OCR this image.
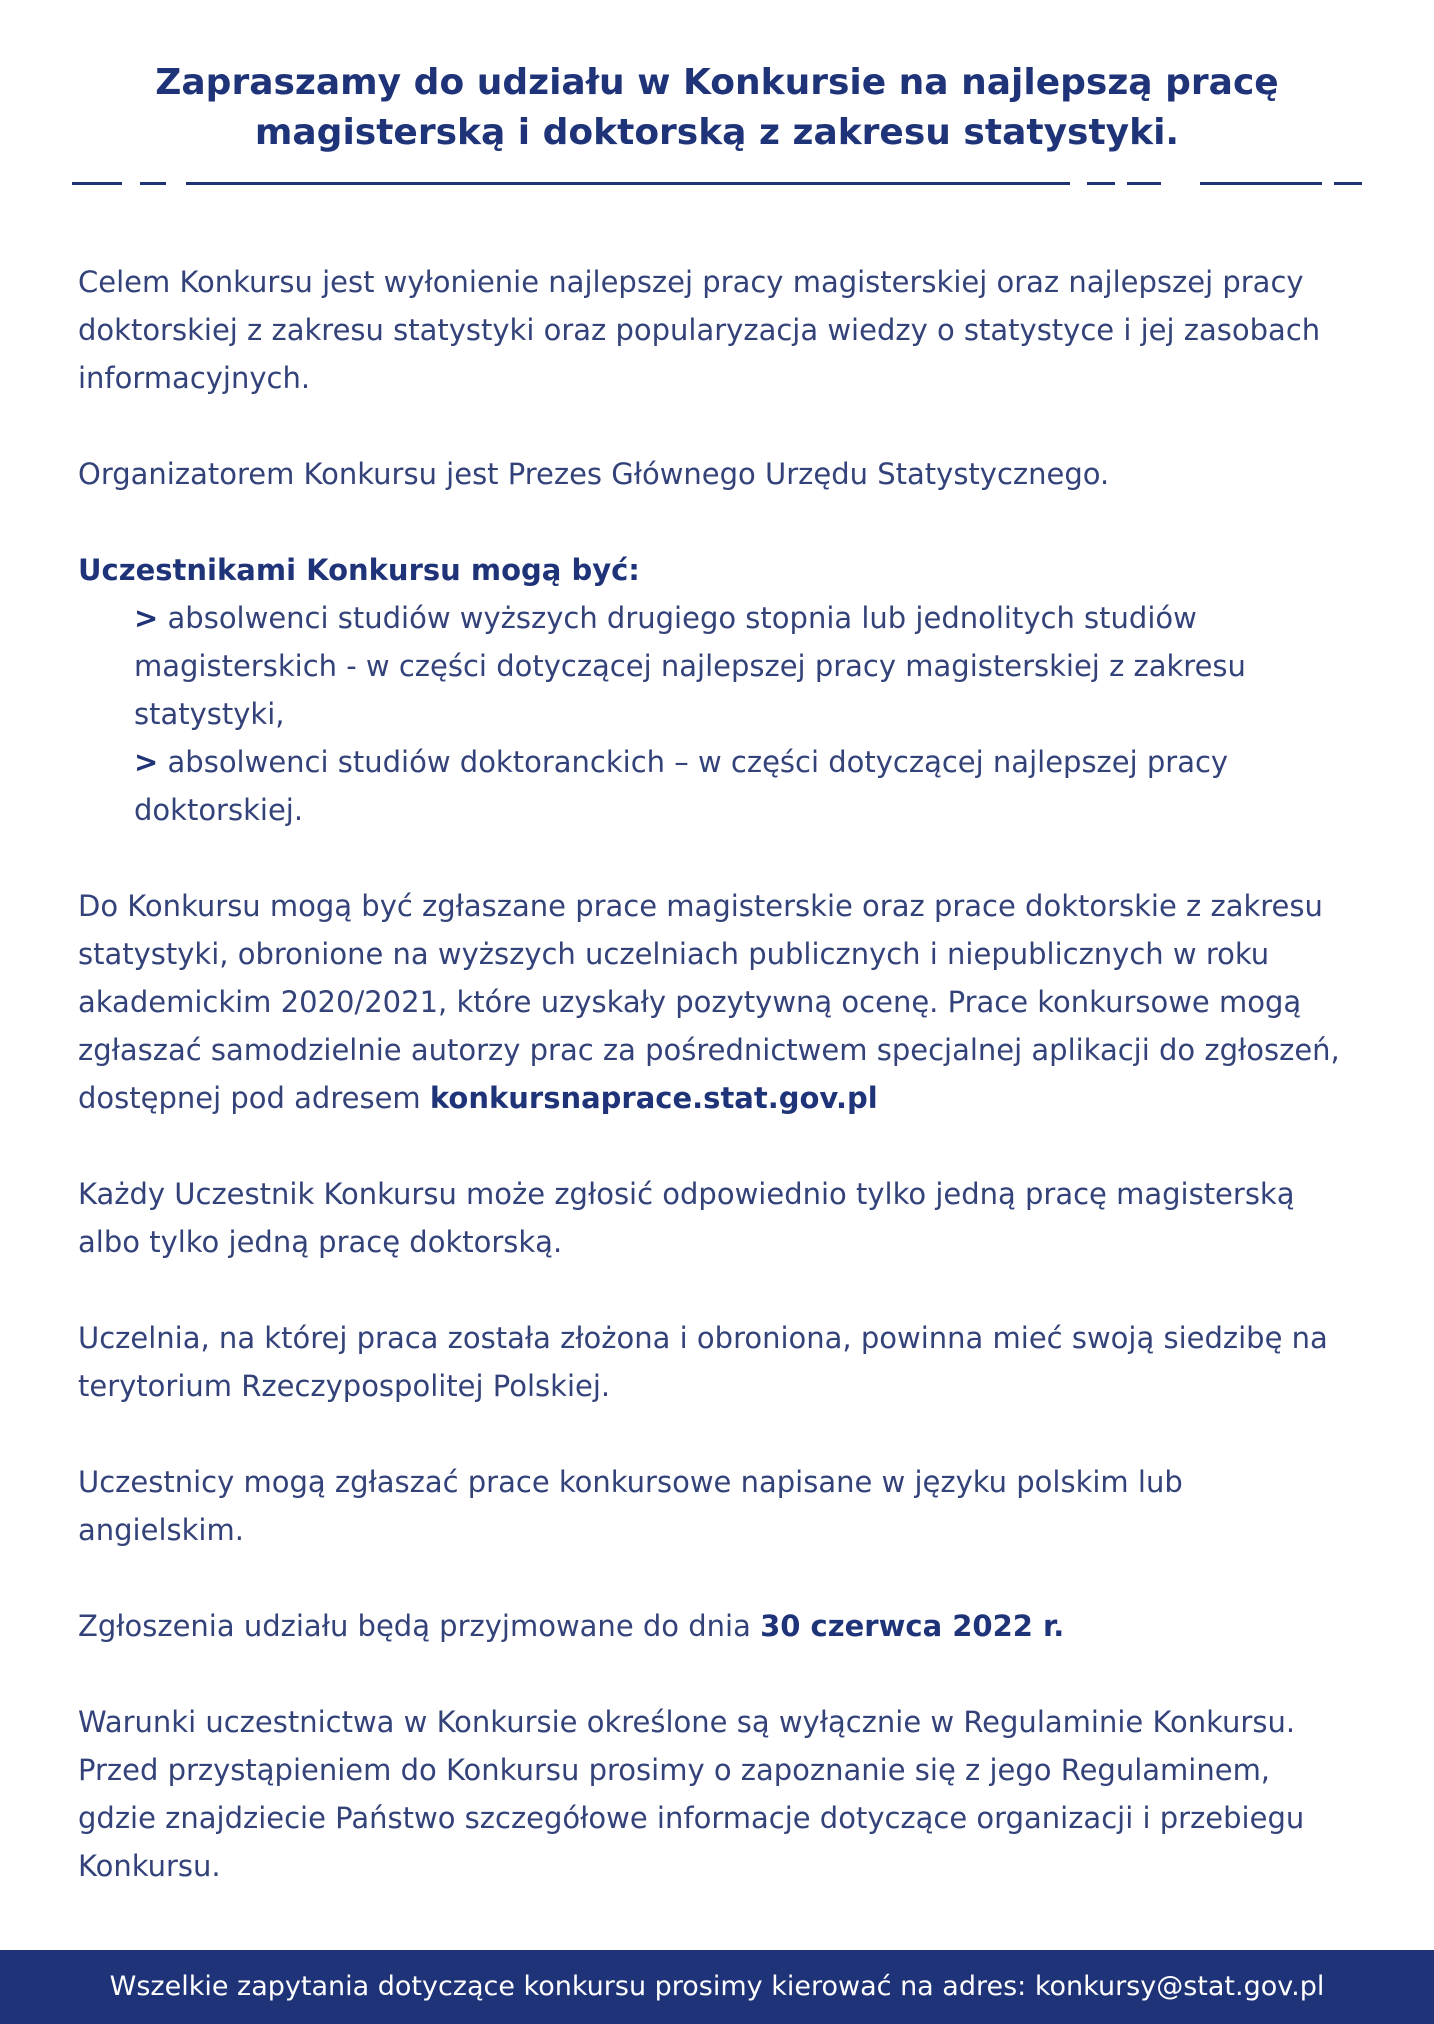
Zapraszamy do udziału w Konkursie na najlepszą pracę
magisterską i doktorską z zakresu statystyki.

Celem Konkursu jest wyłonienie najlepszej pracy magisterskiej oraz najlepszej pracy doktorskiej z zakresu statystyki oraz popularyzacja wiedzy o statystyce i jej zasobach informacyjnych.

Organizatorem Konkursu jest Prezes Głównego Urzędu Statystycznego.

Uczestnikami Konkursu mogą być:

> absolwenci studiów wyższych drugiego stopnia lub jednolitych studiów magisterskich - w części dotyczącej najlepszej pracy magisterskiej z zakresu statystyki,
> absolwenci studiów doktoranckich – w części dotyczącej najlepszej pracy doktorskiej.

Do Konkursu mogą być zgłaszane prace magisterskie oraz prace doktorskie z zakresu statystyki, obronione na wyższych uczelniach publicznych i niepublicznych w roku akademickim 2020/2021, które uzyskały pozytywną ocenę. Prace konkursowe mogą zgłaszać samodzielnie autorzy prac za pośrednictwem specjalnej aplikacji do zgłoszeń, dostępnej pod adresem konkursnaprace.stat.gov.pl

Każdy Uczestnik Konkursu może zgłosić odpowiednio tylko jedną pracę magisterską albo tylko jedną pracę doktorską.

Uczelnia, na której praca została złożona i obroniona, powinna mieć swoją siedzibę na terytorium Rzeczypospolitej Polskiej.

Uczestnicy mogą zgłaszać prace konkursowe napisane w języku polskim lub angielskim.

Zgłoszenia udziału będą przyjmowane do dnia 30 czerwca 2022 r.

Warunki uczestnictwa w Konkursie określone są wyłącznie w Regulaminie Konkursu. Przed przystąpieniem do Konkursu prosimy o zapoznanie się z jego Regulaminem, gdzie znajdziecie Państwo szczegółowe informacje dotyczące organizacji i przebiegu Konkursu.

Wszelkie zapytania dotyczące konkursu prosimy kierować na adres: konkursy@stat.gov.pl
